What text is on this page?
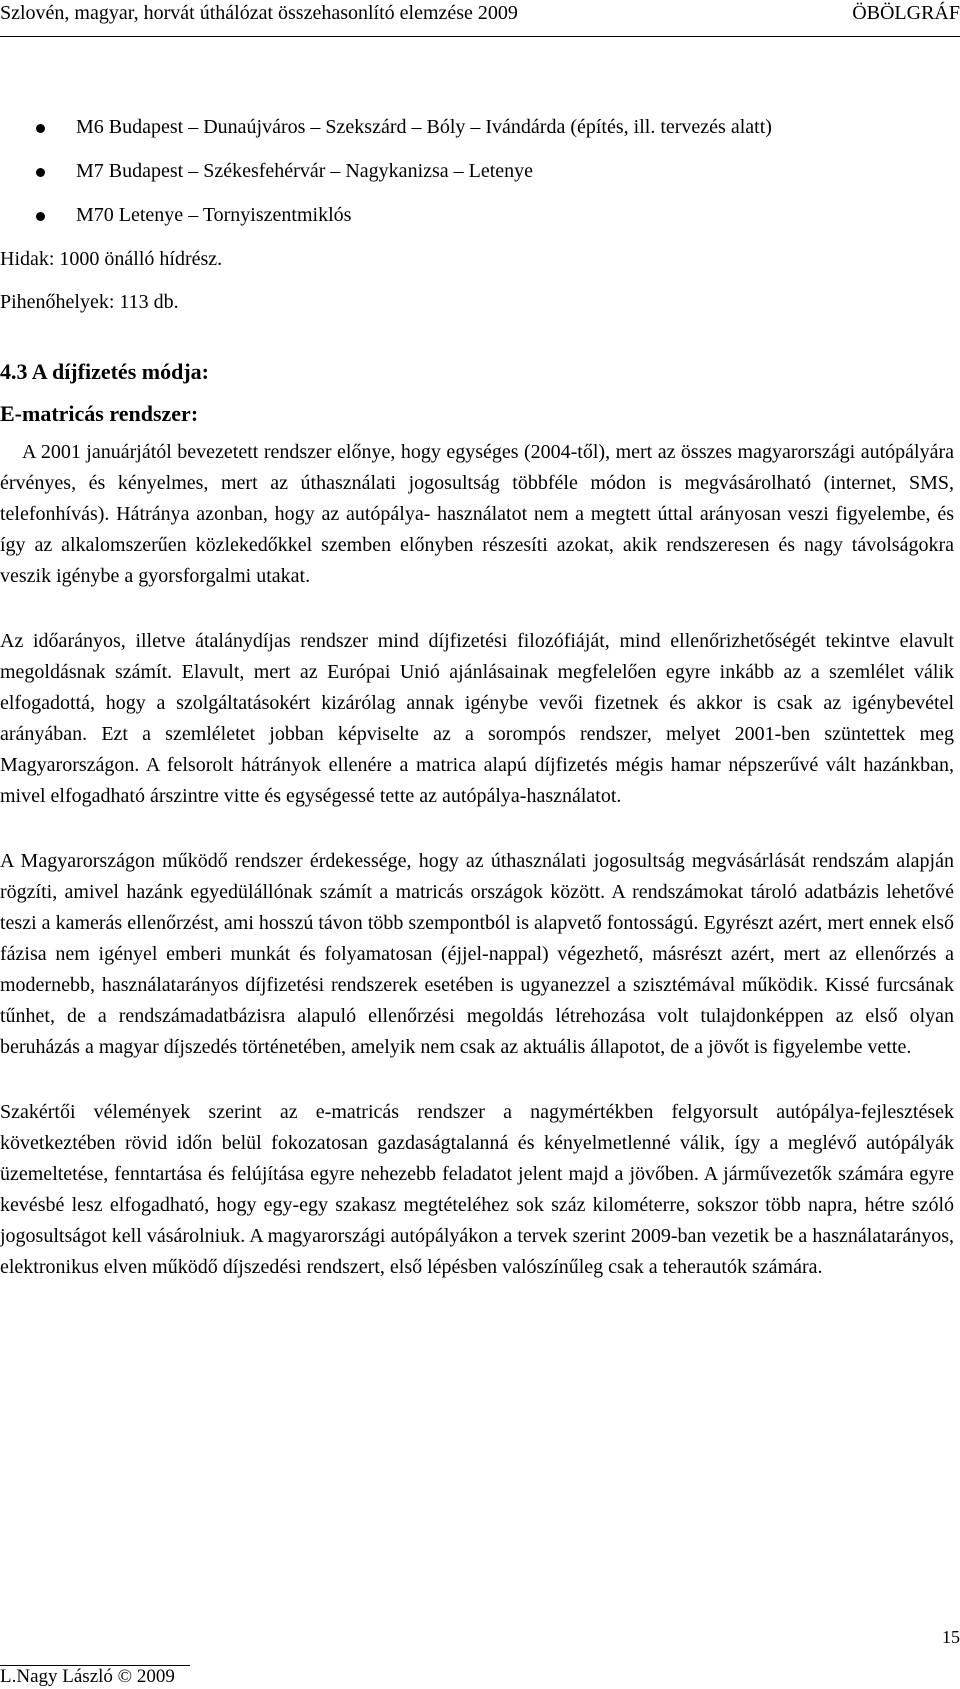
Szlovén, magyar, horvát úthálózat összehasonlító elemzése 2009	ÖBÖLGRÁF
M6 Budapest – Dunaújváros – Szekszárd – Bóly – Ivándárda (építés, ill. tervezés alatt)
M7 Budapest – Székesfehérvár – Nagykanizsa – Letenye
M70 Letenye – Tornyiszentmiklós

Hidak: 1000 önálló hídrész.

Pihenőhelyek: 113 db.

4.3 A díjfizetés módja:

E-matricás rendszer:

A 2001 januárjától bevezetett rendszer előnye, hogy egységes (2004-től), mert az összes magyarországi autópályára érvényes, és kényelmes, mert az úthasználati jogosultság többféle módon is megvásárolható (internet, SMS, telefonhívás). Hátránya azonban, hogy az autópálya- használatot nem a megtett úttal arányosan veszi figyelembe, és így az alkalomszerűen közlekedőkkel szemben előnyben részesíti azokat, akik rendszeresen és nagy távolságokra veszik igénybe a gyorsforgalmi utakat.

Az időarányos, illetve átalánydíjas rendszer mind díjfizetési filozófiáját, mind ellenőrizhetőségét tekintve elavult megoldásnak számít. Elavult, mert az Európai Unió ajánlásainak megfelelően egyre inkább az a szemlélet válik elfogadottá, hogy a szolgáltatásokért kizárólag annak igénybe vevői fizetnek és akkor is csak az igénybevétel arányában. Ezt a szemléletet jobban képviselte az a sorompós rendszer, melyet 2001-ben szüntettek meg Magyarországon. A felsorolt hátrányok ellenére a matrica alapú díjfizetés mégis hamar népszerűvé vált hazánkban, mivel elfogadható árszintre vitte és egységessé tette az autópálya-használatot.

A Magyarországon működő rendszer érdekessége, hogy az úthasználati jogosultság megvásárlását rendszám alapján rögzíti, amivel hazánk egyedülállónak számít a matricás országok között. A rendszámokat tároló adatbázis lehetővé teszi a kamerás ellenőrzést, ami hosszú távon több szempontból is alapvető fontosságú. Egyrészt azért, mert ennek első fázisa nem igényel emberi munkát és folyamatosan (éjjel-nappal) végezhető, másrészt azért, mert az ellenőrzés a modernebb, használatarányos díjfizetési rendszerek esetében is ugyanezzel a szisztémával működik. Kissé furcsának tűnhet, de a rendszámadatbázisra alapuló ellenőrzési megoldás létrehozása volt tulajdonképpen az első olyan beruházás a magyar díjszedés történetében, amelyik nem csak az aktuális állapotot, de a jövőt is figyelembe vette.

Szakértői vélemények szerint az e-matricás rendszer a nagymértékben felgyorsult autópálya-fejlesztések következtében rövid időn belül fokozatosan gazdaságtalanná és kényelmetlenné válik, így a meglévő autópályák üzemeltetése, fenntartása és felújítása egyre nehezebb feladatot jelent majd a jövőben. A járművezetők számára egyre kevésbé lesz elfogadható, hogy egy-egy szakasz megtételéhez sok száz kilométerre, sokszor több napra, hétre szóló jogosultságot kell vásárolniuk. A magyarországi autópályákon a tervek szerint 2009-ban vezetik be a használatarányos, elektronikus elven működő díjszedési rendszert, első lépésben valószínűleg csak a teherautók számára.

15
L.Nagy László © 2009
